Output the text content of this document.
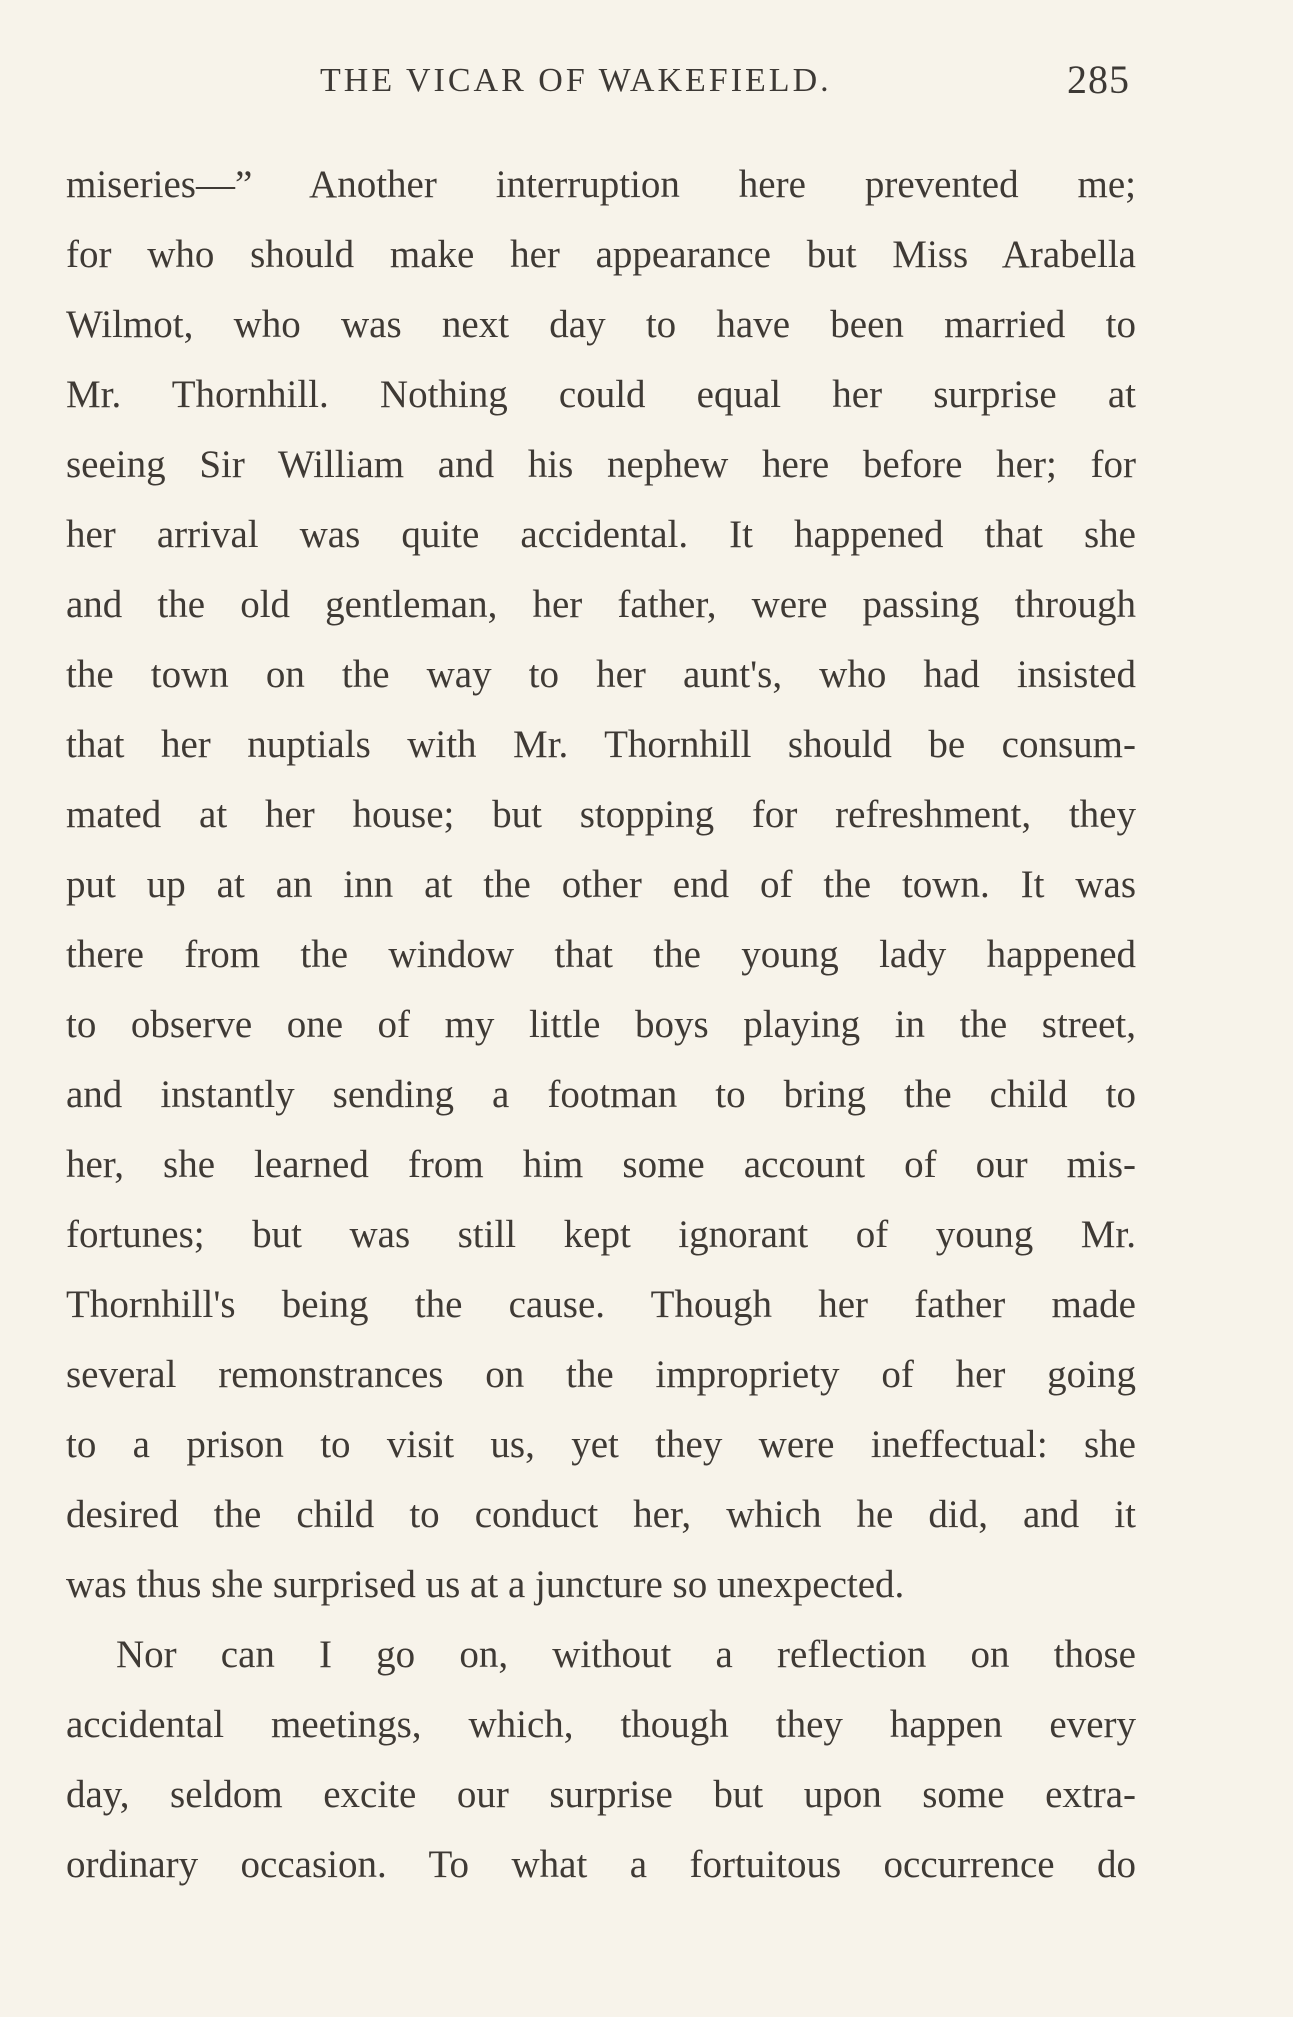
THE VICAR OF WAKEFIELD.	285
miseries—” Another interruption here prevented me;
for who should make her appearance but Miss Arabella
Wilmot, who was next day to have been married to
Mr. Thornhill. Nothing could equal her surprise at
seeing Sir William and his nephew here before her; for
her arrival was quite accidental. It happened that she
and the old gentleman, her father, were passing through
the town on the way to her aunt's, who had insisted
that her nuptials with Mr. Thornhill should be consum-
mated at her house; but stopping for refreshment, they
put up at an inn at the other end of the town. It was
there from the window that the young lady happened
to observe one of my little boys playing in the street,
and instantly sending a footman to bring the child to
her, she learned from him some account of our mis-
fortunes; but was still kept ignorant of young Mr.
Thornhill's being the cause. Though her father made
several remonstrances on the impropriety of her going
to a prison to visit us, yet they were ineffectual: she
desired the child to conduct her, which he did, and it
was thus she surprised us at a juncture so unexpected.
Nor can I go on, without a reflection on those
accidental meetings, which, though they happen every
day, seldom excite our surprise but upon some extra-
ordinary occasion. To what a fortuitous occurrence do
